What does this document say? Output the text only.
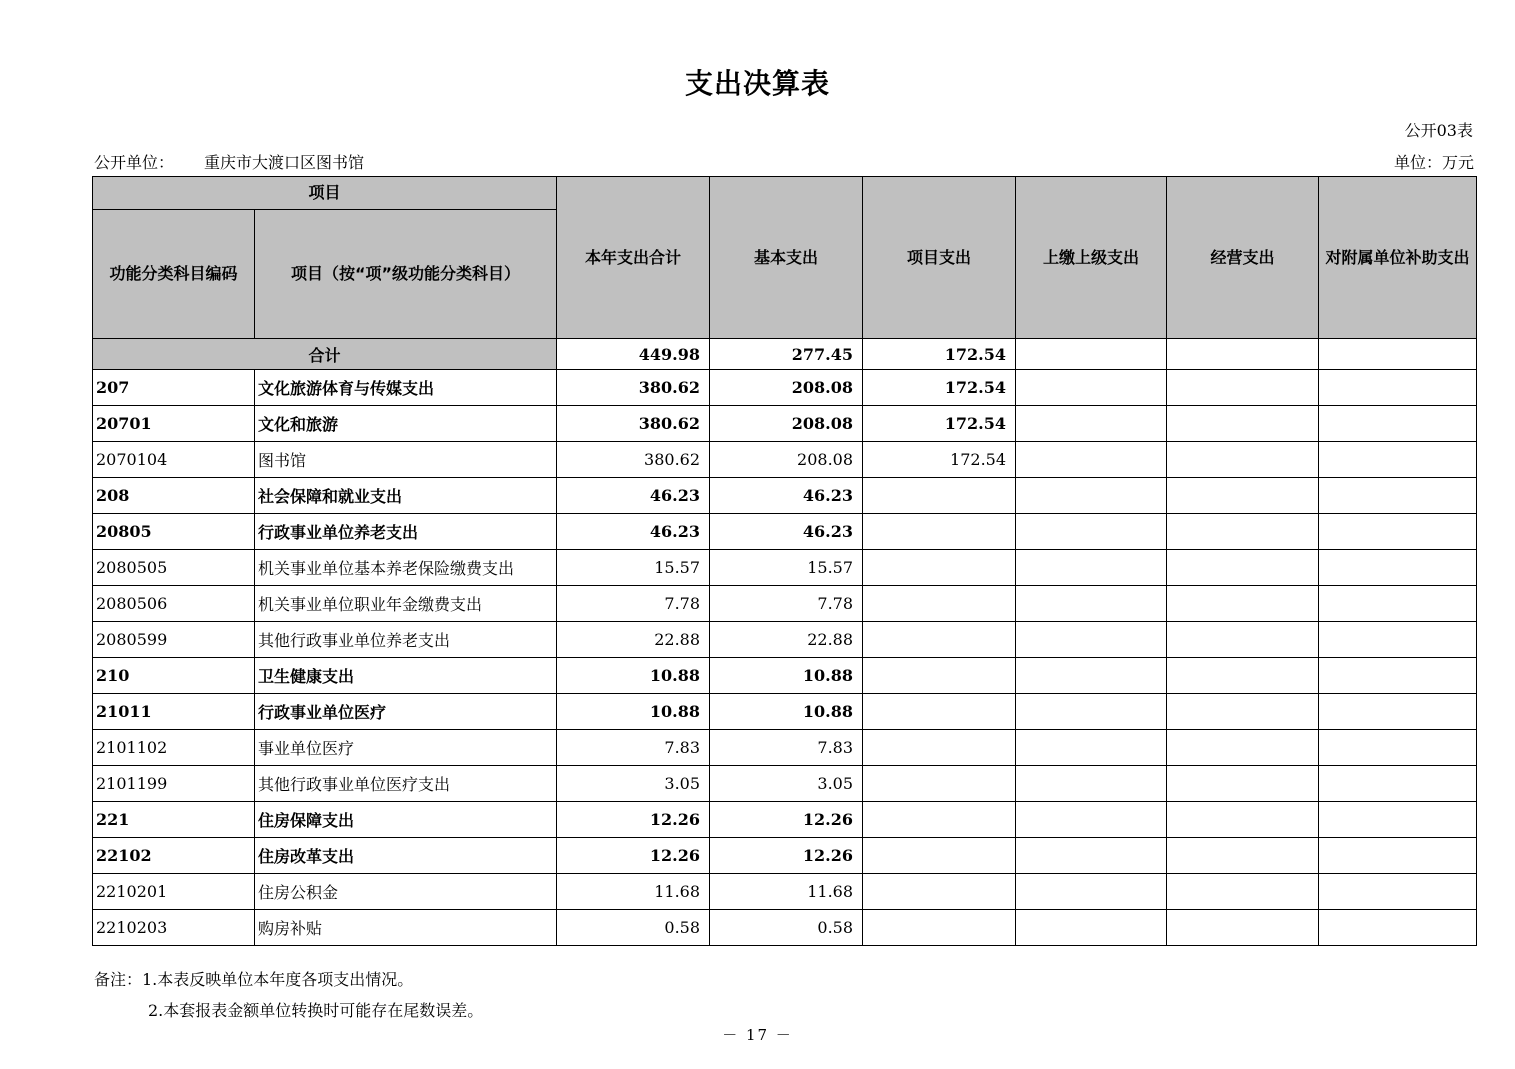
支出决算表
公开03表
公开单位： 重庆市大渡口区图书馆	单位：万元
项目		本年支出合计	基本支出	项目支出	上缴上级支出	经营支出	对附属单位补助支出
功能分类科目编码	项目（按“项”级功能分类科目）						
合计		449.98	277.45	172.54			
207	文化旅游体育与传媒支出	380.62	208.08	172.54			
20701	文化和旅游	380.62	208.08	172.54			
2070104	图书馆	380.62	208.08	172.54			
208	社会保障和就业支出	46.23	46.23				
20805	行政事业单位养老支出	46.23	46.23				
2080505	机关事业单位基本养老保险缴费支出	15.57	15.57				
2080506	机关事业单位职业年金缴费支出	7.78	7.78				
2080599	其他行政事业单位养老支出	22.88	22.88				
210	卫生健康支出	10.88	10.88				
21011	行政事业单位医疗	10.88	10.88				
2101102	事业单位医疗	7.83	7.83				
2101199	其他行政事业单位医疗支出	3.05	3.05				
221	住房保障支出	12.26	12.26				
22102	住房改革支出	12.26	12.26				
2210201	住房公积金	11.68	11.68				
2210203	购房补贴	0.58	0.58				
备注：1.本表反映单位本年度各项支出情况。
2.本套报表金额单位转换时可能存在尾数误差。
－ 17 －
